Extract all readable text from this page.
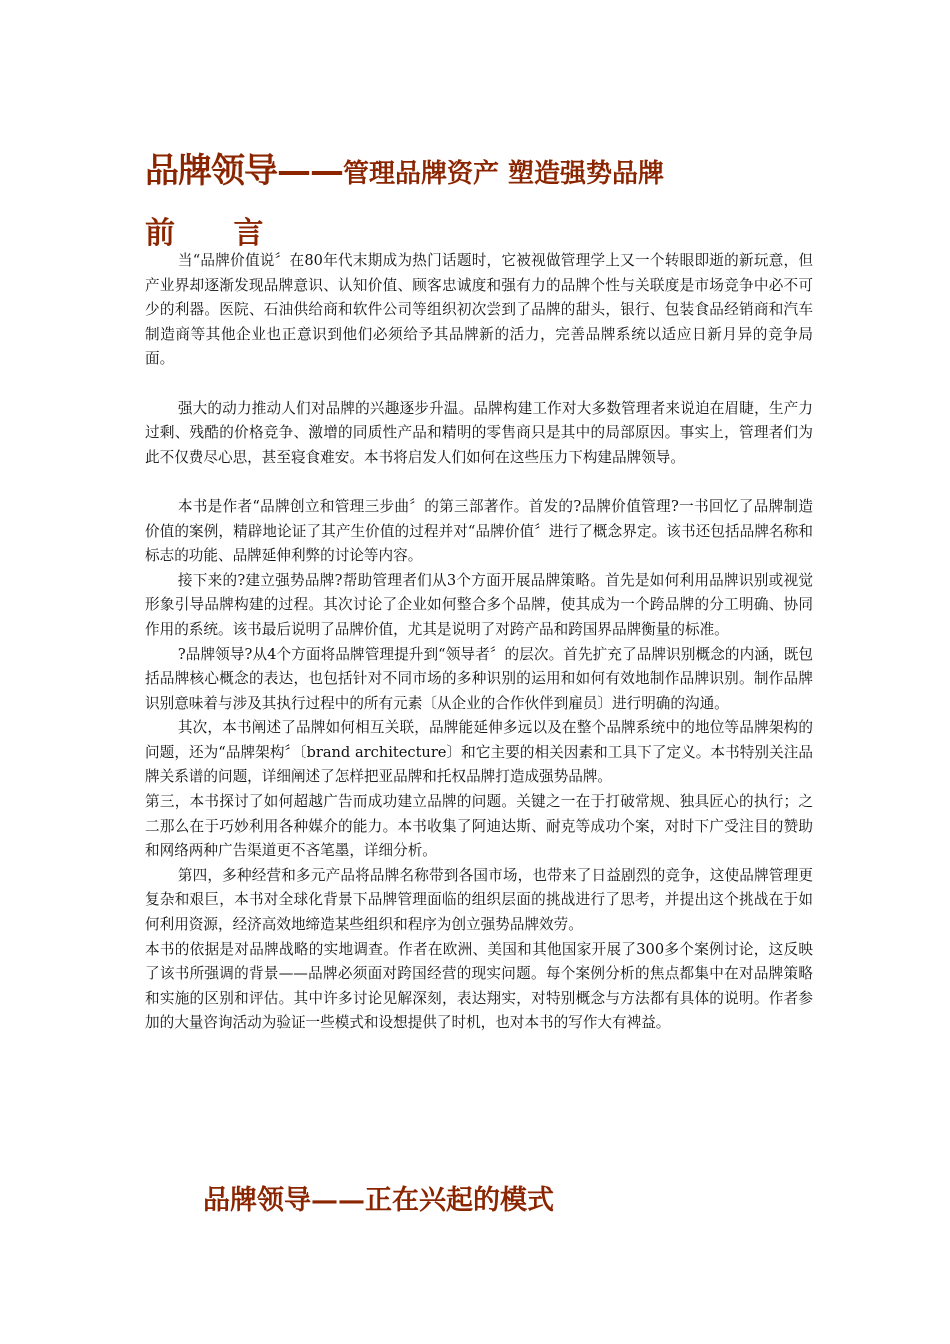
品牌领导——管理品牌资产 塑造强势品牌
前 言

当“品牌价值说〞在80年代末期成为热门话题时，它被视做管理学上又一个转眼即逝的新玩意，但产业界却逐渐发现品牌意识、认知价值、顾客忠诚度和强有力的品牌个性与关联度是市场竞争中必不可少的利器。医院、石油供给商和软件公司等组织初次尝到了品牌的甜头，银行、包装食品经销商和汽车制造商等其他企业也正意识到他们必须给予其品牌新的活力，完善品牌系统以适应日新月异的竞争局面。

强大的动力推动人们对品牌的兴趣逐步升温。品牌构建工作对大多数管理者来说迫在眉睫，生产力过剩、残酷的价格竞争、激增的同质性产品和精明的零售商只是其中的局部原因。事实上，管理者们为此不仅费尽心思，甚至寝食难安。本书将启发人们如何在这些压力下构建品牌领导。

本书是作者“品牌创立和管理三步曲〞的第三部著作。首发的?品牌价值管理?一书回忆了品牌制造价值的案例，精辟地论证了其产生价值的过程并对“品牌价值〞进行了概念界定。该书还包括品牌名称和标志的功能、品牌延伸利弊的讨论等内容。

接下来的?建立强势品牌?帮助管理者们从3个方面开展品牌策略。首先是如何利用品牌识别或视觉形象引导品牌构建的过程。其次讨论了企业如何整合多个品牌，使其成为一个跨品牌的分工明确、协同作用的系统。该书最后说明了品牌价值，尤其是说明了对跨产品和跨国界品牌衡量的标准。

?品牌领导?从4个方面将品牌管理提升到“领导者〞的层次。首先扩充了品牌识别概念的内涵，既包括品牌核心概念的表达，也包括针对不同市场的多种识别的运用和如何有效地制作品牌识别。制作品牌识别意味着与涉及其执行过程中的所有元素〔从企业的合作伙伴到雇员〕进行明确的沟通。

其次，本书阐述了品牌如何相互关联，品牌能延伸多远以及在整个品牌系统中的地位等品牌架构的问题，还为“品牌架构〞〔brand architecture〕和它主要的相关因素和工具下了定义。本书特别关注品牌关系谱的问题，详细阐述了怎样把亚品牌和托权品牌打造成强势品牌。

第三，本书探讨了如何超越广告而成功建立品牌的问题。关键之一在于打破常规、独具匠心的执行；之二那么在于巧妙利用各种媒介的能力。本书收集了阿迪达斯、耐克等成功个案，对时下广受注目的赞助和网络两种广告渠道更不吝笔墨，详细分析。

第四，多种经营和多元产品将品牌名称带到各国市场，也带来了日益剧烈的竞争，这使品牌管理更复杂和艰巨，本书对全球化背景下品牌管理面临的组织层面的挑战进行了思考，并提出这个挑战在于如何利用资源，经济高效地缔造某些组织和程序为创立强势品牌效劳。

本书的依据是对品牌战略的实地调查。作者在欧洲、美国和其他国家开展了300多个案例讨论，这反映了该书所强调的背景——品牌必须面对跨国经营的现实问题。每个案例分析的焦点都集中在对品牌策略和实施的区别和评估。其中许多讨论见解深刻，表达翔实，对特别概念与方法都有具体的说明。作者参加的大量咨询活动为验证一些模式和设想提供了时机，也对本书的写作大有裨益。

品牌领导——正在兴起的模式
